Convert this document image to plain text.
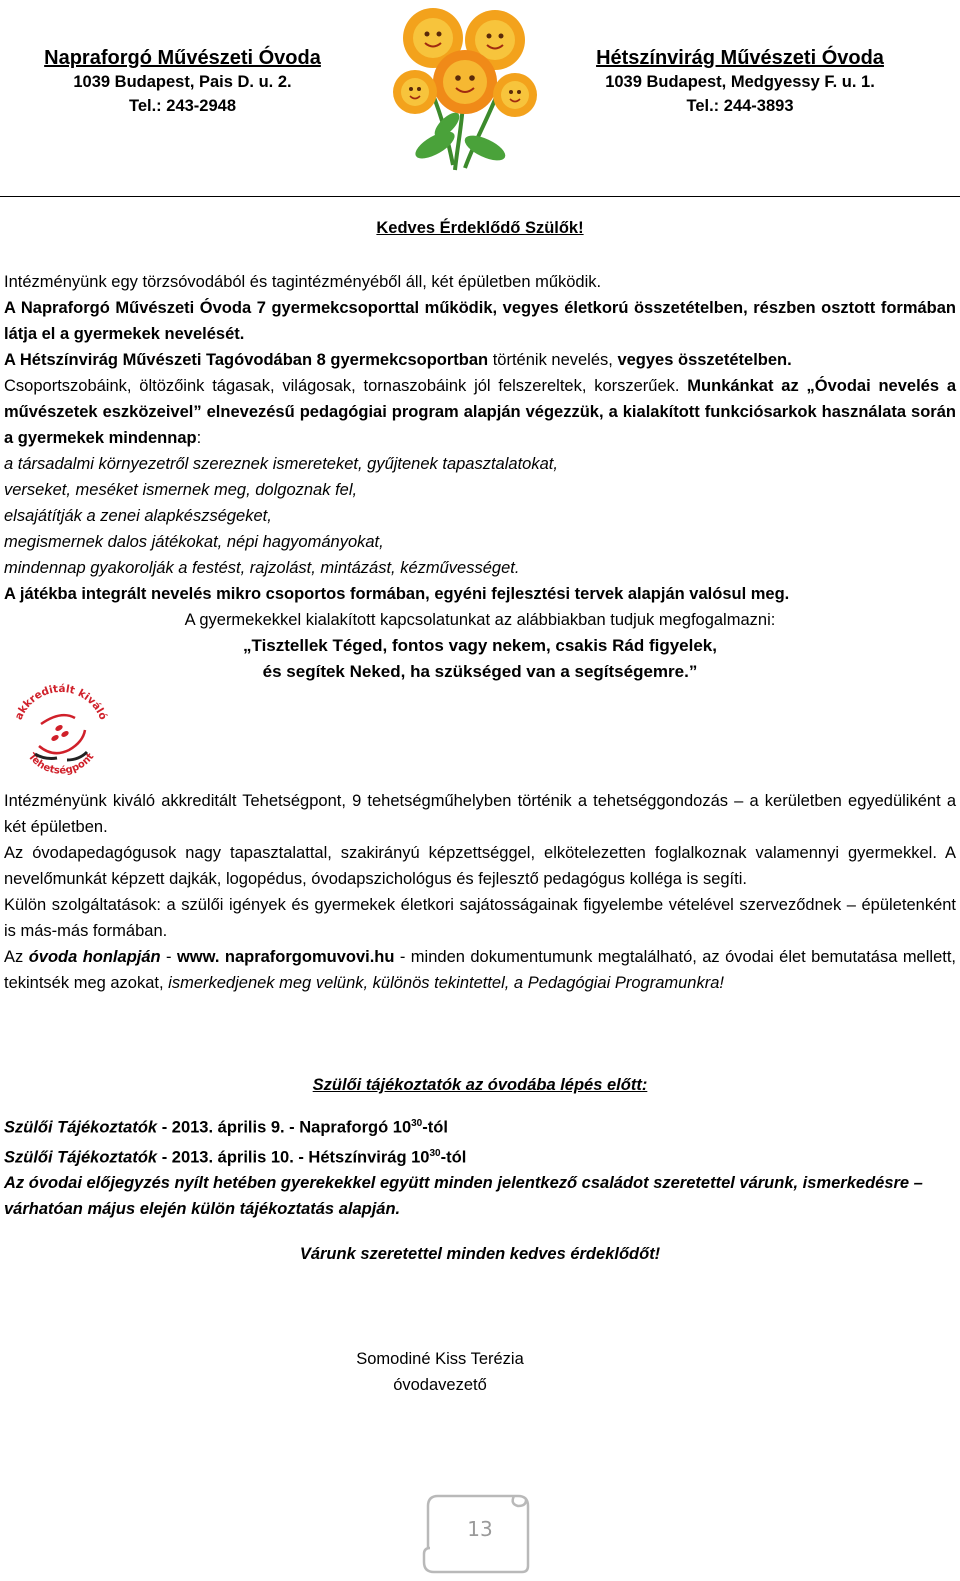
Napraforgó Művészeti Óvoda
1039 Budapest, Pais D. u. 2.
Tel.: 243-2948
Hétszínvirág Művészeti Óvoda
1039 Budapest, Medgyessy F. u. 1.
Tel.: 244-3893
Kedves Érdeklődő Szülők!

Intézményünk egy törzsóvodából és tagintézményéből áll, két épületben működik.

A Napraforgó Művészeti Óvoda 7 gyermekcsoporttal működik, vegyes életkorú összetételben, részben osztott formában látja el a gyermekek nevelését.

A Hétszínvirág Művészeti Tagóvodában 8 gyermekcsoportban történik nevelés, vegyes összetételben.

Csoportszobáink, öltözőink tágasak, világosak, tornaszobáink jól felszereltek, korszerűek. Munkánkat az „Óvodai nevelés a művészetek eszközeivel” elnevezésű pedagógiai program alapján végezzük, a kialakított funkciósarkok használata során a gyermekek mindennap:

a társadalmi környezetről szereznek ismereteket, gyűjtenek tapasztalatokat,

verseket, meséket ismernek meg, dolgoznak fel,

elsajátítják a zenei alapkészségeket,

megismernek dalos játékokat, népi hagyományokat,

mindennap gyakorolják a festést, rajzolást, mintázást, kézművességet.

A játékba integrált nevelés mikro csoportos formában, egyéni fejlesztési tervek alapján valósul meg.
A gyermekekkel kialakított kapcsolatunkat az alábbiakban tudjuk megfogalmazni:

„Tisztellek Téged, fontos vagy nekem, csakis Rád figyelek,

és segítek Neked, ha szükséged van a segítségemre.”

akkreditált kiváló
Tehetségpont

Intézményünk kiváló akkreditált Tehetségpont, 9 tehetségműhelyben történik a tehetséggondozás – a kerületben egyedüliként a két épületben.

Az óvodapedagógusok nagy tapasztalattal, szakirányú képzettséggel, elkötelezetten foglalkoznak valamennyi gyermekkel. A nevelőmunkát képzett dajkák, logopédus, óvodapszichológus és fejlesztő pedagógus kolléga is segíti.

Külön szolgáltatások: a szülői igények és gyermekek életkori sajátosságainak figyelembe vételével szerveződnek – épületenként is más-más formában.

Az óvoda honlapján - www. napraforgomuvovi.hu - minden dokumentumunk megtalálható, az óvodai élet bemutatása mellett, tekintsék meg azokat, ismerkedjenek meg velünk, különös tekintettel, a Pedagógiai Programunkra!

Szülői tájékoztatók az óvodába lépés előtt:

Szülői Tájékoztatók - 2013. április 9. - Napraforgó $10^{30}$-tól

Szülői Tájékoztatók - 2013. április 10. - Hétszínvirág $10^{30}$-tól

Az óvodai előjegyzés nyílt hetében gyerekekkel együtt minden jelentkező családot szeretettel várunk, ismerkedésre – várhatóan május elején külön tájékoztatás alapján.

Várunk szeretettel minden kedves érdeklődőt!

Somodiné Kiss Terézia

óvodavezető

13
